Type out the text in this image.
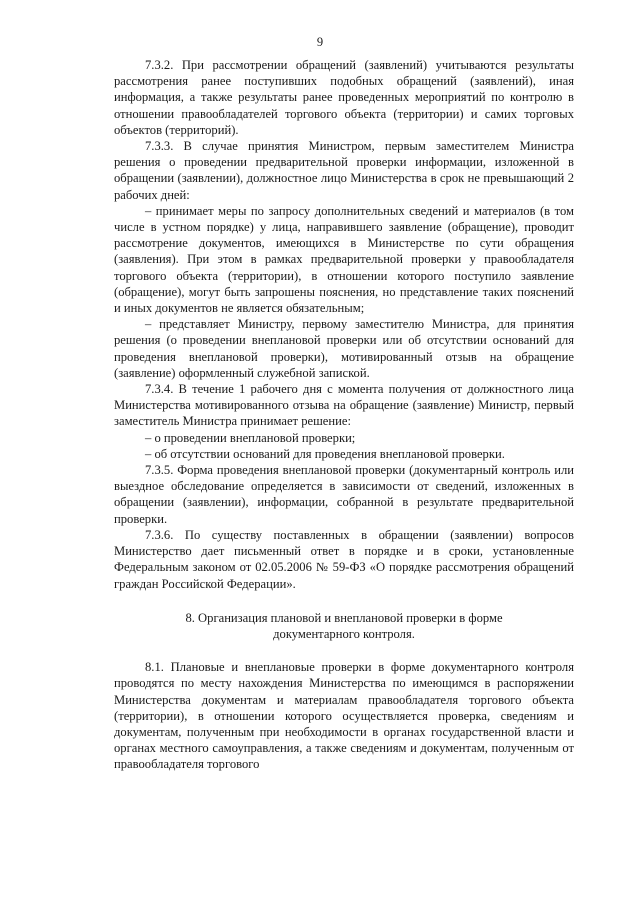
9

7.3.2. При рассмотрении обращений (заявлений) учитываются результаты рассмотрения ранее поступивших подобных обращений (заявлений), иная информация, а также результаты ранее проведенных мероприятий по контролю в отношении правообладателей торгового объекта (территории) и самих торговых объектов (территорий).

7.3.3. В случае принятия Министром, первым заместителем Министра решения о проведении предварительной проверки информации, изложенной в обращении (заявлении), должностное лицо Министерства в срок не превышающий 2 рабочих дней:

– принимает меры по запросу дополнительных сведений и материалов (в том числе в устном порядке) у лица, направившего заявление (обращение), проводит рассмотрение документов, имеющихся в Министерстве по сути обращения (заявления). При этом в рамках предварительной проверки у правообладателя торгового объекта (территории), в отношении которого поступило заявление (обращение), могут быть запрошены пояснения, но представление таких пояснений и иных документов не является обязательным;

– представляет Министру, первому заместителю Министра, для принятия решения (о проведении внеплановой проверки или об отсутствии оснований для проведения внеплановой проверки), мотивированный отзыв на обращение (заявление) оформленный служебной запиской.

7.3.4. В течение 1 рабочего дня с момента получения от должностного лица Министерства мотивированного отзыва на обращение (заявление) Министр, первый заместитель Министра принимает решение:

– о проведении внеплановой проверки;

– об отсутствии оснований для проведения внеплановой проверки.

7.3.5. Форма проведения внеплановой проверки (документарный контроль или выездное обследование определяется в зависимости от сведений, изложенных в обращении (заявлении), информации, собранной в результате предварительной проверки.

7.3.6. По существу поставленных в обращении (заявлении) вопросов Министерство дает письменный ответ в порядке и в сроки, установленные Федеральным законом от 02.05.2006 № 59-ФЗ «О порядке рассмотрения обращений граждан Российской Федерации».

8. Организация плановой и внеплановой проверки в форме
документарного контроля.

8.1. Плановые и внеплановые проверки в форме документарного контроля проводятся по месту нахождения Министерства по имеющимся в распоряжении Министерства документам и материалам правообладателя торгового объекта (территории), в отношении которого осуществляется проверка, сведениям и документам, полученным при необходимости в органах государственной власти и органах местного самоуправления, а также сведениям и документам, полученным от правообладателя торгового
